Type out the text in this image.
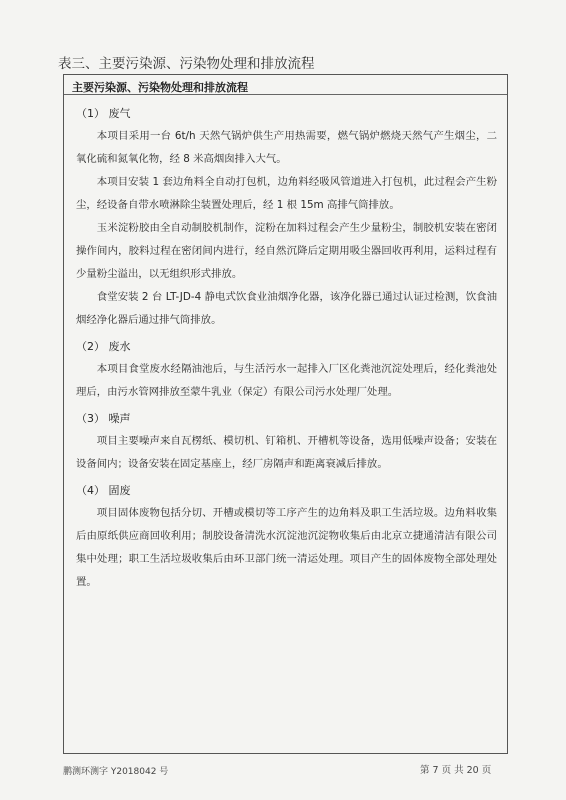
表三、主要污染源、污染物处理和排放流程
主要污染源、污染物处理和排放流程
（1） 废气

本项目采用一台 6t/h 天然气锅炉供生产用热需要，燃气锅炉燃烧天然气产生烟尘，二氧化硫和氮氧化物，经 8 米高烟囱排入大气。

本项目安装 1 套边角料全自动打包机，边角料经吸风管道进入打包机，此过程会产生粉尘，经设备自带水喷淋除尘装置处理后，经 1 根 15m 高排气筒排放。

玉米淀粉胶由全自动制胶机制作，淀粉在加料过程会产生少量粉尘，制胶机安装在密闭操作间内，胶料过程在密闭间内进行，经自然沉降后定期用吸尘器回收再利用，运料过程有少量粉尘溢出，以无组织形式排放。

食堂安装 2 台 LT-JD-4 静电式饮食业油烟净化器，该净化器已通过认证过检测，饮食油烟经净化器后通过排气筒排放。

（2） 废水

本项目食堂废水经隔油池后，与生活污水一起排入厂区化粪池沉淀处理后，经化粪池处理后，由污水管网排放至蒙牛乳业（保定）有限公司污水处理厂处理。

（3） 噪声

项目主要噪声来自瓦楞纸、模切机、钉箱机、开槽机等设备，选用低噪声设备；安装在设备间内；设备安装在固定基座上，经厂房隔声和距离衰减后排放。

（4） 固废

项目固体废物包括分切、开槽或模切等工序产生的边角料及职工生活垃圾。边角料收集后由原纸供应商回收利用；制胶设备清洗水沉淀池沉淀物收集后由北京立捷通清洁有限公司集中处理；职工生活垃圾收集后由环卫部门统一清运处理。项目产生的固体废物全部处理处置。

鹏测环测字 Y2018042 号	第 7 页 共 20 页
